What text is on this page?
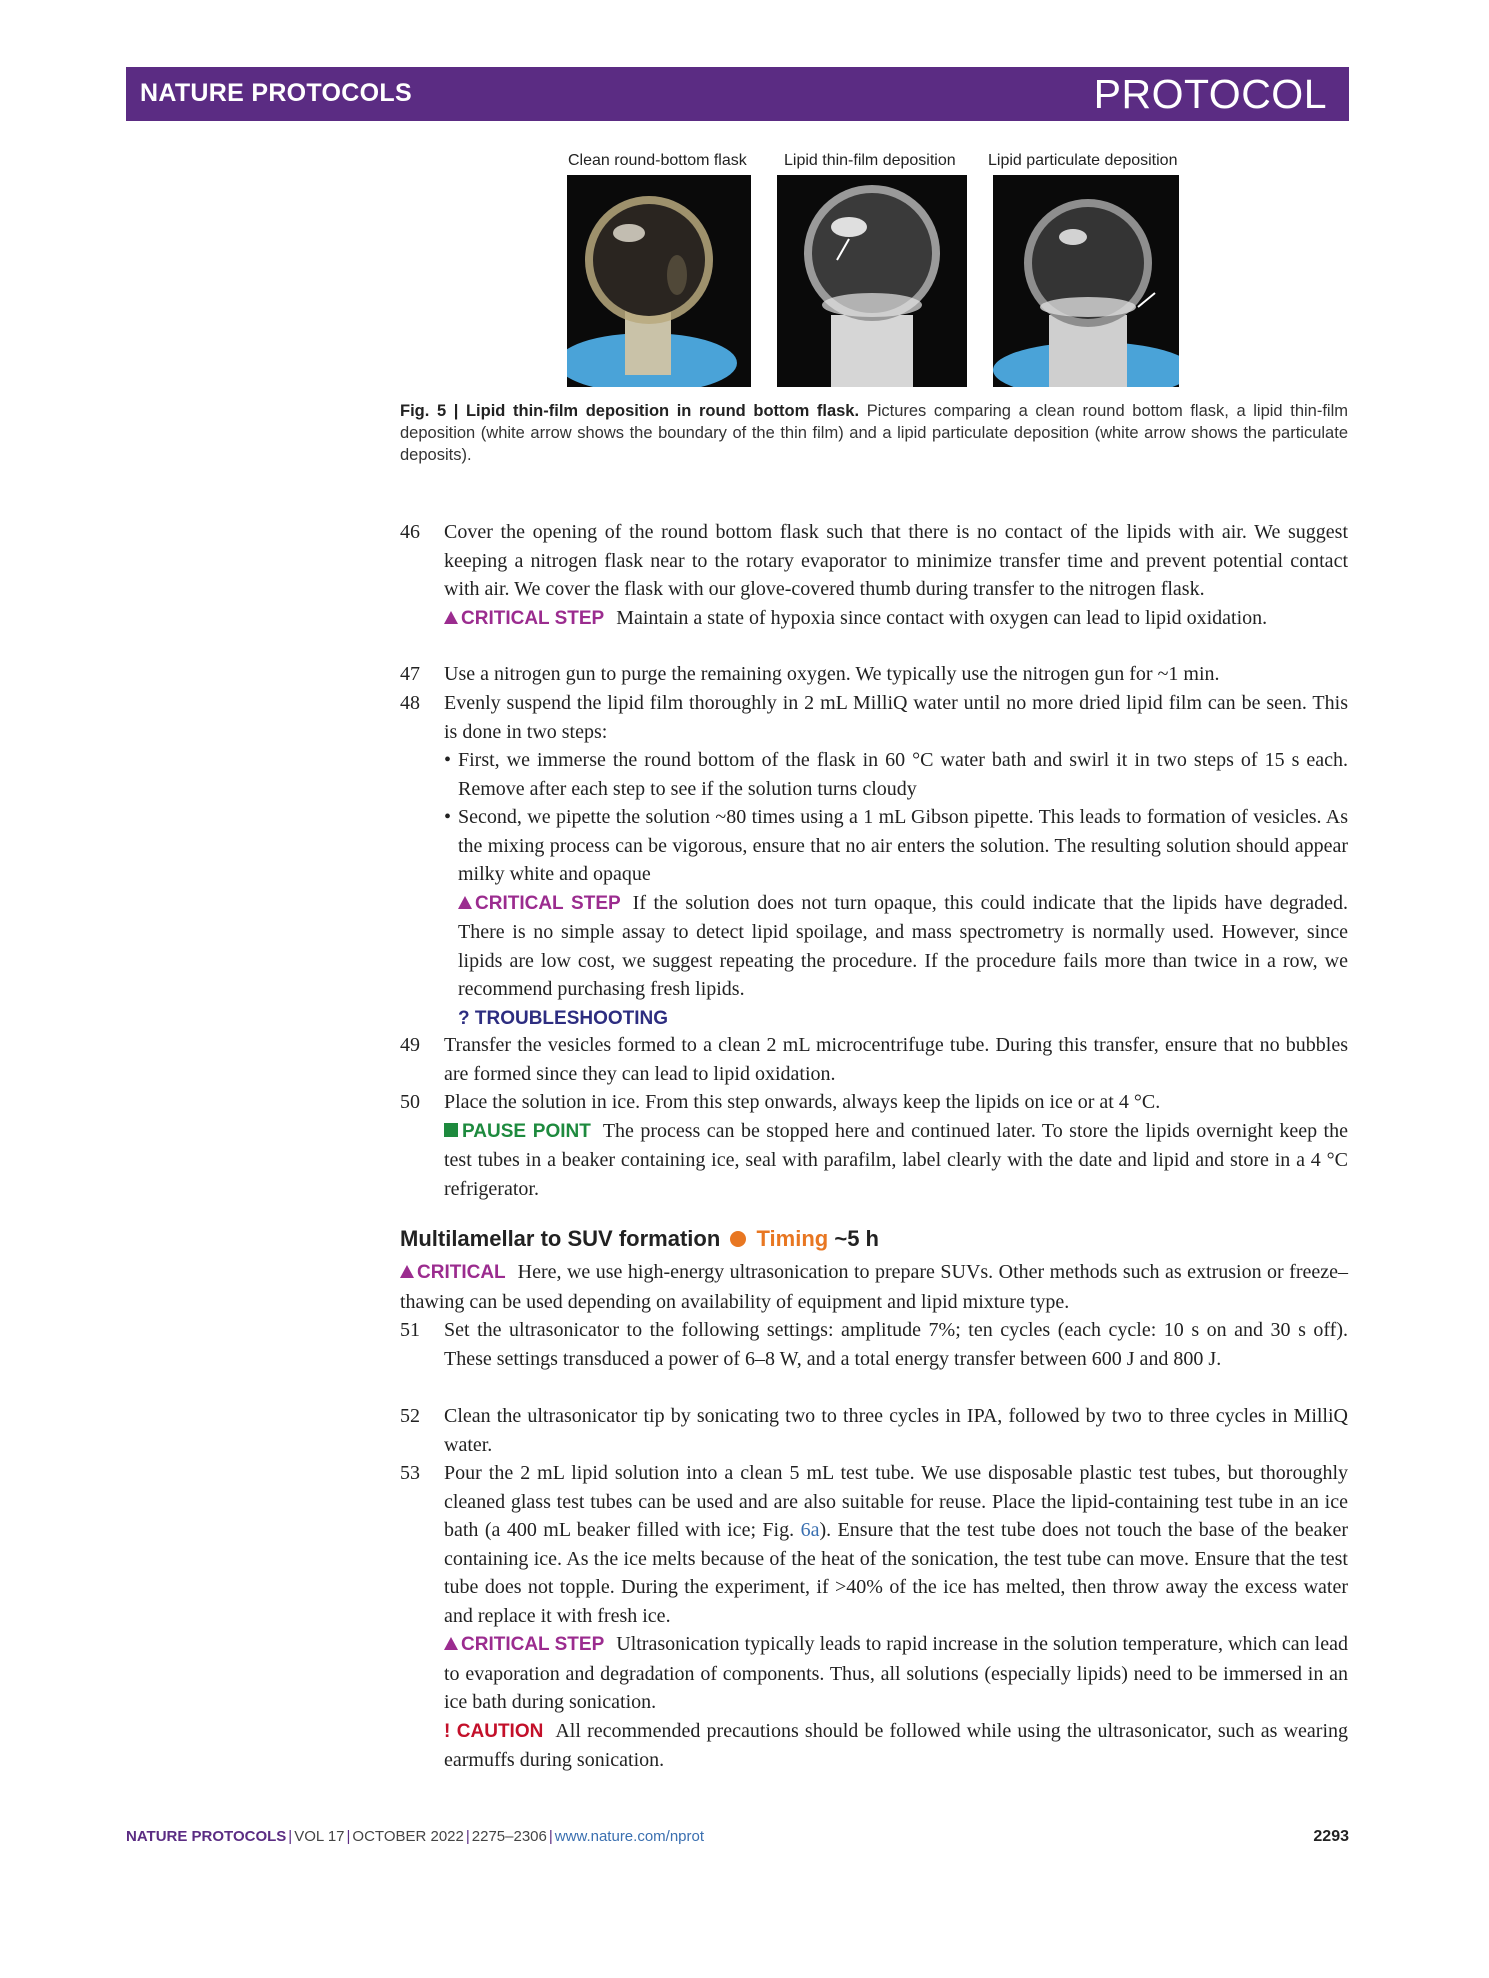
NATURE PROTOCOLS	PROTOCOL
Clean round-bottom flask Lipid thin-film deposition Lipid particulate deposition
Fig. 5 | Lipid thin-film deposition in round bottom flask. Pictures comparing a clean round bottom flask, a lipid thin-film deposition (white arrow shows the boundary of the thin film) and a lipid particulate deposition (white arrow shows the particulate deposits).
46	Cover the opening of the round bottom flask such that there is no contact of the lipids with air. We suggest keeping a nitrogen flask near to the rotary evaporator to minimize transfer time and prevent potential contact with air. We cover the flask with our glove-covered thumb during transfer to the nitrogen flask.
CRITICAL STEP Maintain a state of hypoxia since contact with oxygen can lead to lipid oxidation.
47	Use a nitrogen gun to purge the remaining oxygen. We typically use the nitrogen gun for ~1 min.
48	Evenly suspend the lipid film thoroughly in 2 mL MilliQ water until no more dried lipid film can be seen. This is done in two steps:
• First, we immerse the round bottom of the flask in 60 °C water bath and swirl it in two steps of 15 s each. Remove after each step to see if the solution turns cloudy
• Second, we pipette the solution ~80 times using a 1 mL Gibson pipette. This leads to formation of vesicles. As the mixing process can be vigorous, ensure that no air enters the solution. The resulting solution should appear milky white and opaque
CRITICAL STEP If the solution does not turn opaque, this could indicate that the lipids have degraded. There is no simple assay to detect lipid spoilage, and mass spectrometry is normally used. However, since lipids are low cost, we suggest repeating the procedure. If the procedure fails more than twice in a row, we recommend purchasing fresh lipids.
? TROUBLESHOOTING
49	Transfer the vesicles formed to a clean 2 mL microcentrifuge tube. During this transfer, ensure that no bubbles are formed since they can lead to lipid oxidation.
50	Place the solution in ice. From this step onwards, always keep the lipids on ice or at 4 °C.
PAUSE POINT The process can be stopped here and continued later. To store the lipids overnight keep the test tubes in a beaker containing ice, seal with parafilm, label clearly with the date and lipid and store in a 4 °C refrigerator.
Multilamellar to SUV formation Timing ~5 h
CRITICAL Here, we use high-energy ultrasonication to prepare SUVs. Other methods such as extrusion or freeze–thawing can be used depending on availability of equipment and lipid mixture type.
51	Set the ultrasonicator to the following settings: amplitude 7%; ten cycles (each cycle: 10 s on and 30 s off). These settings transduced a power of 6–8 W, and a total energy transfer between 600 J and 800 J.
52	Clean the ultrasonicator tip by sonicating two to three cycles in IPA, followed by two to three cycles in MilliQ water.
53	Pour the 2 mL lipid solution into a clean 5 mL test tube. We use disposable plastic test tubes, but thoroughly cleaned glass test tubes can be used and are also suitable for reuse. Place the lipid-containing test tube in an ice bath (a 400 mL beaker filled with ice; Fig. 6a). Ensure that the test tube does not touch the base of the beaker containing ice. As the ice melts because of the heat of the sonication, the test tube can move. Ensure that the test tube does not topple. During the experiment, if >40% of the ice has melted, then throw away the excess water and replace it with fresh ice.
CRITICAL STEP Ultrasonication typically leads to rapid increase in the solution temperature, which can lead to evaporation and degradation of components. Thus, all solutions (especially lipids) need to be immersed in an ice bath during sonication.
! CAUTION All recommended precautions should be followed while using the ultrasonicator, such as wearing earmuffs during sonication.
NATURE PROTOCOLS | VOL 17 | OCTOBER 2022 | 2275–2306 | www.nature.com/nprot	2293
